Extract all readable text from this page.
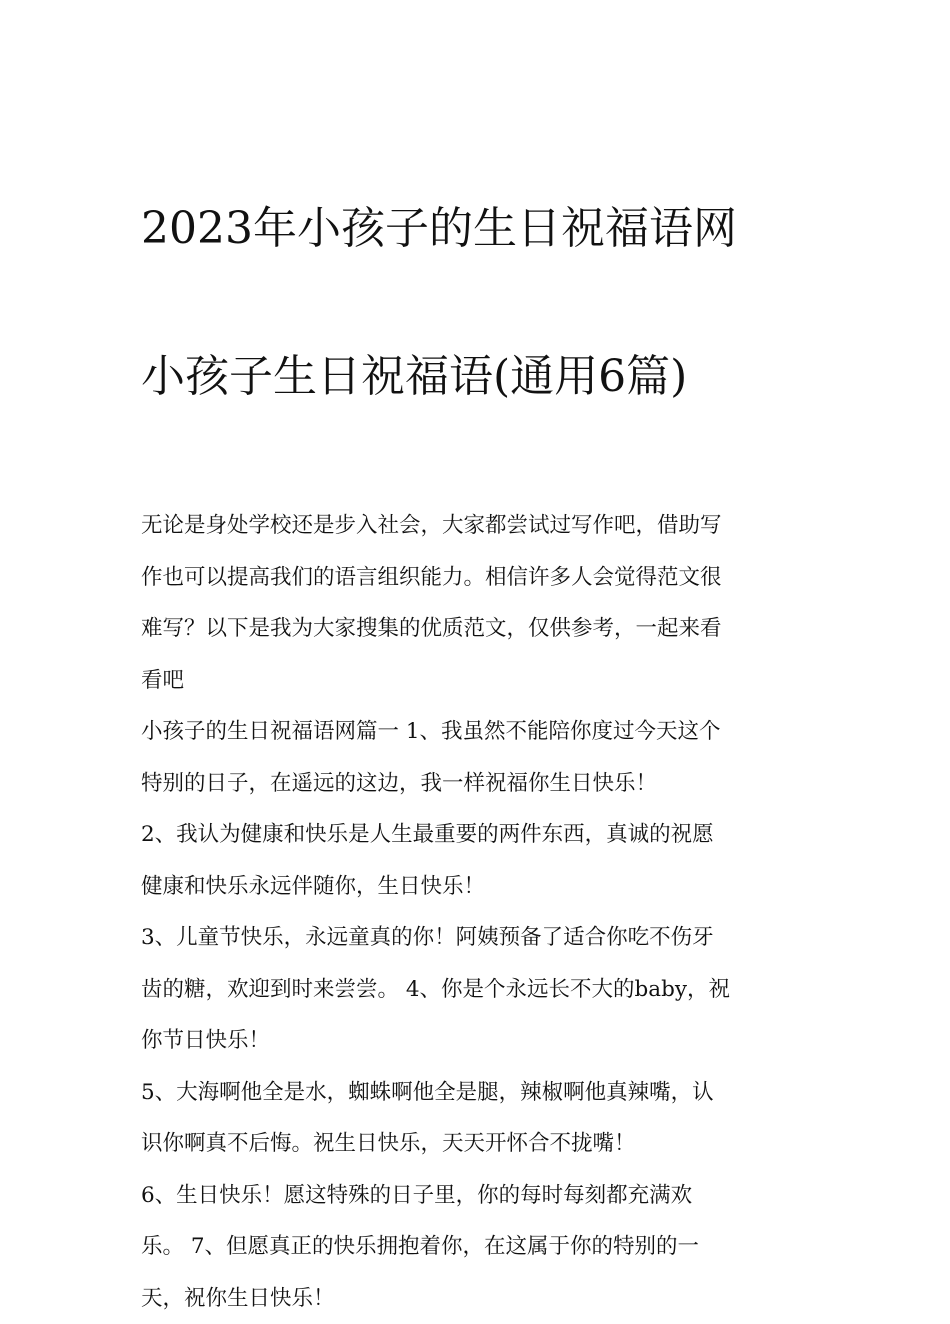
2023年小孩子的生日祝福语网

小孩子生日祝福语(通用6篇)

无论是身处学校还是步入社会，大家都尝试过写作吧，借助写
作也可以提高我们的语言组织能力。相信许多人会觉得范文很
难写？以下是我为大家搜集的优质范文，仅供参考，一起来看
看吧

小孩子的生日祝福语网篇一 1、我虽然不能陪你度过今天这个
特别的日子，在遥远的这边，我一样祝福你生日快乐！

2、我认为健康和快乐是人生最重要的两件东西，真诚的祝愿
健康和快乐永远伴随你，生日快乐！

3、儿童节快乐，永远童真的你！阿姨预备了适合你吃不伤牙
齿的糖，欢迎到时来尝尝。 4、你是个永远长不大的baby，祝
你节日快乐！

5、大海啊他全是水，蜘蛛啊他全是腿，辣椒啊他真辣嘴，认
识你啊真不后悔。祝生日快乐，天天开怀合不拢嘴！

6、生日快乐！愿这特殊的日子里，你的每时每刻都充满欢
乐。 7、但愿真正的快乐拥抱着你，在这属于你的特别的一
天，祝你生日快乐！
